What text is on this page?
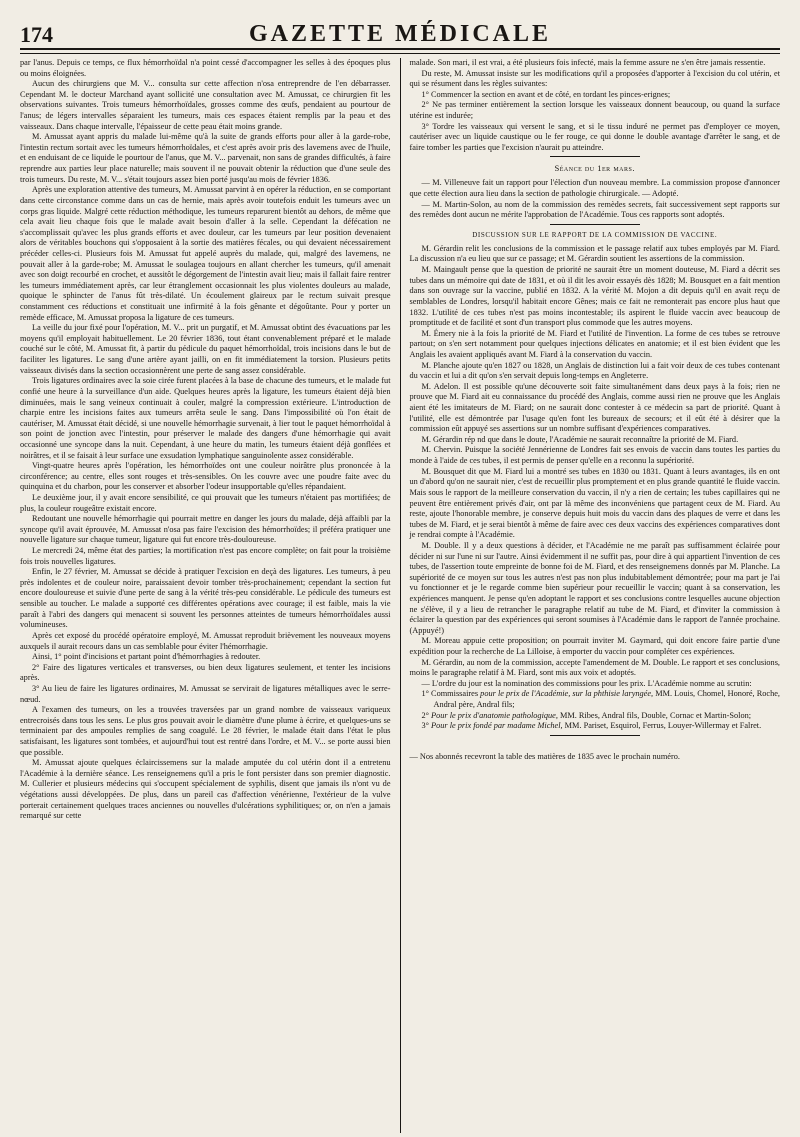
174	GAZETTE MÉDICALE

par l'anus. Depuis ce temps, ce flux hémorrhoïdal n'a point cessé d'accompagner les selles à des époques plus ou moins éloignées.

Aucun des chirurgiens que M. V... consulta sur cette affection n'osa entreprendre de l'en débarrasser. Cependant M. le docteur Marchand ayant sollicité une consultation avec M. Amussat, ce chirurgien fit les observations suivantes. Trois tumeurs hémorrhoïdales, grosses comme des œufs, pendaient au pourtour de l'anus; de légers intervalles séparaient les tumeurs, mais ces espaces étaient remplis par la peau et des vaisseaux. Dans chaque intervalle, l'épaisseur de cette peau était moins grande.

M. Amussat ayant appris du malade lui-même qu'à la suite de grands efforts pour aller à la garde-robe, l'intestin rectum sortait avec les tumeurs hémorrhoïdales, et c'est après avoir pris des lavemens avec de l'huile, et en enduisant de ce liquide le pourtour de l'anus, que M. V... parvenait, non sans de grandes difficultés, à faire reprendre aux parties leur place naturelle; mais souvent il ne pouvait obtenir la réduction que d'une seule des trois tumeurs. Du reste, M. V... s'était toujours assez bien porté jusqu'au mois de février 1836.

Après une exploration attentive des tumeurs, M. Amussat parvint à en opérer la réduction, en se comportant dans cette circonstance comme dans un cas de hernie, mais après avoir toutefois enduit les tumeurs avec un corps gras liquide. Malgré cette réduction méthodique, les tumeurs reparurent bientôt au dehors, de même que cela avait lieu chaque fois que le malade avait besoin d'aller à la selle. Cependant la défécation ne s'accomplissait qu'avec les plus grands efforts et avec douleur, car les tumeurs par leur position devenaient alors de véritables bouchons qui s'opposaient à la sortie des matières fécales, ou qui devaient nécessairement précéder celles-ci. Plusieurs fois M. Amussat fut appelé auprès du malade, qui, malgré des lavemens, ne pouvait aller à la garde-robe; M. Amussat le soulagea toujours en allant chercher les tumeurs, qu'il amenait avec son doigt recourbé en crochet, et aussitôt le dégorgement de l'intestin avait lieu; mais il fallait faire rentrer les tumeurs immédiatement après, car leur étranglement occasionnait les plus violentes douleurs au malade, quoique le sphincter de l'anus fût très-dilaté. Un écoulement glaireux par le rectum suivait presque constamment ces réductions et constituait une infirmité à la fois gênante et dégoûtante. Pour y porter un remède efficace, M. Amussat proposa la ligature de ces tumeurs.

La veille du jour fixé pour l'opération, M. V... prit un purgatif, et M. Amussat obtint des évacuations par les moyens qu'il employait habituellement. Le 20 février 1836, tout étant convenablement préparé et le malade couché sur le côté, M. Amussat fit, à partir du pédicule du paquet hémorrhoïdal, trois incisions dans le but de faciliter les ligatures. Le sang d'une artère ayant jailli, on en fit immédiatement la torsion. Plusieurs petits vaisseaux divisés dans la section occasionnèrent une perte de sang assez considérable.

Trois ligatures ordinaires avec la soie cirée furent placées à la base de chacune des tumeurs, et le malade fut confié une heure à la surveillance d'un aide. Quelques heures après la ligature, les tumeurs étaient déjà bien diminuées, mais le sang veineux continuait à couler, malgré la compression extérieure. L'introduction de charpie entre les incisions faites aux tumeurs arrêta seule le sang. Dans l'impossibilité où l'on était de cautériser, M. Amussat était décidé, si une nouvelle hémorrhagie survenait, à lier tout le paquet hémorrhoïdal à son point de jonction avec l'intestin, pour préserver le malade des dangers d'une hémorrhagie qui avait occasionné une syncope dans la nuit. Cependant, à une heure du matin, les tumeurs étaient déjà gonflées et noirâtres, et il se faisait à leur surface une exsudation lymphatique sanguinolente assez considérable.

Vingt-quatre heures après l'opération, les hémorrhoïdes ont une couleur noirâtre plus prononcée à la circonférence; au centre, elles sont rouges et très-sensibles. On les couvre avec une poudre faite avec du quinquina et du charbon, pour les conserver et absorber l'odeur insupportable qu'elles répandaient.

Le deuxième jour, il y avait encore sensibilité, ce qui prouvait que les tumeurs n'étaient pas mortifiées; de plus, la couleur rougeâtre existait encore.

Redoutant une nouvelle hémorrhagie qui pourrait mettre en danger les jours du malade, déjà affaibli par la syncope qu'il avait éprouvée, M. Amussat n'osa pas faire l'excision des hémorrhoïdes; il préféra pratiquer une nouvelle ligature sur chaque tumeur, ligature qui fut encore très-douloureuse.

Le mercredi 24, même état des parties; la mortification n'est pas encore complète; on fait pour la troisième fois trois nouvelles ligatures.

Enfin, le 27 février, M. Amussat se décide à pratiquer l'excision en deçà des ligatures. Les tumeurs, à peu près indolentes et de couleur noire, paraissaient devoir tomber très-prochainement; cependant la section fut encore douloureuse et suivie d'une perte de sang à la vérité très-peu considérable. Le pédicule des tumeurs est sensible au toucher. Le malade a supporté ces différentes opérations avec courage; il est faible, mais la vie paraît à l'abri des dangers qui menacent si souvent les personnes atteintes de tumeurs hémorrhoïdales aussi volumineuses.

Après cet exposé du procédé opératoire employé, M. Amussat reproduit brièvement les nouveaux moyens auxquels il aurait recours dans un cas semblable pour éviter l'hémorrhagie.

Ainsi, 1° point d'incisions et partant point d'hémorrhagies à redouter.

2° Faire des ligatures verticales et transverses, ou bien deux ligatures seulement, et tenter les incisions après.

3° Au lieu de faire les ligatures ordinaires, M. Amussat se servirait de ligatures métalliques avec le serre-nœud.

A l'examen des tumeurs, on les a trouvées traversées par un grand nombre de vaisseaux variqueux entrecroisés dans tous les sens. Le plus gros pouvait avoir le diamètre d'une plume à écrire, et quelques-uns se terminaient par des ampoules remplies de sang coagulé. Le 28 février, le malade était dans l'état le plus satisfaisant, les ligatures sont tombées, et aujourd'hui tout est rentré dans l'ordre, et M. V... se porte aussi bien que possible.

M. Amussat ajoute quelques éclaircissemens sur la malade amputée du col utérin dont il a entretenu l'Académie à la dernière séance. Les renseignemens qu'il a pris le font persister dans son premier diagnostic. M. Cullerier et plusieurs médecins qui s'occupent spécialement de syphilis, disent que jamais ils n'ont vu de végétations aussi développées. De plus, dans un pareil cas d'affection vénérienne, l'extérieur de la vulve porterait certainement quelques traces anciennes ou nouvelles d'ulcérations syphilitiques; or, on n'en a jamais remarqué sur cette

malade. Son mari, il est vrai, a été plusieurs fois infecté, mais la femme assure ne s'en être jamais ressentie.

Du reste, M. Amussat insiste sur les modifications qu'il a proposées d'apporter à l'excision du col utérin, et qui se résument dans les règles suivantes:

1° Commencer la section en avant et de côté, en tordant les pinces-erignes;

2° Ne pas terminer entièrement la section lorsque les vaisseaux donnent beaucoup, ou quand la surface utérine est indurée;

3° Tordre les vaisseaux qui versent le sang, et si le tissu induré ne permet pas d'employer ce moyen, cautériser avec un liquide caustique ou le fer rouge, ce qui donne le double avantage d'arrêter le sang, et de faire tomber les parties que l'excision n'aurait pu atteindre.

Séance du 1er mars.

— M. Villeneuve fait un rapport pour l'élection d'un nouveau membre. La commission propose d'annoncer que cette élection aura lieu dans la section de pathologie chirurgicale. — Adopté.

— M. Martin-Solon, au nom de la commission des remèdes secrets, fait successivement sept rapports sur des remèdes dont aucun ne mérite l'approbation de l'Académie. Tous ces rapports sont adoptés.

DISCUSSION SUR LE RAPPORT DE LA COMMISSION DE VACCINE.

M. Gérardin relit les conclusions de la commission et le passage relatif aux tubes employés par M. Fiard. La discussion n'a eu lieu que sur ce passage; et M. Gérardin soutient les assertions de la commission.

M. Maingault pense que la question de priorité ne saurait être un moment douteuse, M. Fiard a décrit ses tubes dans un mémoire qui date de 1831, et où il dit les avoir essayés dès 1828; M. Bousquet en a fait mention dans son ouvrage sur la vaccine, publié en 1832. A la vérité M. Mojon a dit depuis qu'il en avait reçu de semblables de Londres, lorsqu'il habitait encore Gênes; mais ce fait ne remonterait pas encore plus haut que 1832. L'utilité de ces tubes n'est pas moins incontestable; ils aspirent le fluide vaccin avec beaucoup de promptitude et de facilité et sont d'un transport plus commode que les autres moyens.

M. Émery nie à la fois la priorité de M. Fiard et l'utilité de l'invention. La forme de ces tubes se retrouve partout; on s'en sert notamment pour quelques injections délicates en anatomie; et il est bien évident que les Anglais les avaient appliqués avant M. Fiard à la conservation du vaccin.

M. Planche ajoute qu'en 1827 ou 1828, un Anglais de distinction lui a fait voir deux de ces tubes contenant du vaccin et lui a dit qu'on s'en servait depuis long-temps en Angleterre.

M. Adelon. Il est possible qu'une découverte soit faite simultanément dans deux pays à la fois; rien ne prouve que M. Fiard ait eu connaissance du procédé des Anglais, comme aussi rien ne prouve que les Anglais aient été les imitateurs de M. Fiard; on ne saurait donc contester à ce médecin sa part de priorité. Quant à l'utilité, elle est démontrée par l'usage qu'en font les bureaux de secours; et il eût été à désirer que la commission eût appuyé ses assertions sur un nombre suffisant d'expériences comparatives.

M. Gérardin rép nd que dans le doute, l'Académie ne saurait reconnaître la priorité de M. Fiard.

M. Chervin. Puisque la société Jennérienne de Londres fait ses envois de vaccin dans toutes les parties du monde à l'aide de ces tubes, il est permis de penser qu'elle en a reconnu la supériorité.

M. Bousquet dit que M. Fiard lui a montré ses tubes en 1830 ou 1831. Quant à leurs avantages, ils en ont un d'abord qu'on ne saurait nier, c'est de recueillir plus promptement et en plus grande quantité le fluide vaccin. Mais sous le rapport de la meilleure conservation du vaccin, il n'y a rien de certain; les tubes capillaires qui ne peuvent être entièrement privés d'air, ont par là même des inconvéniens que partagent ceux de M. Fiard. Au reste, ajoute l'honorable membre, je conserve depuis huit mois du vaccin dans des plaques de verre et dans les tubes de M. Fiard, et je serai bientôt à même de faire avec ces deux vaccins des expériences comparatives dont je rendrai compte à l'Académie.

M. Double. Il y a deux questions à décider, et l'Académie ne me paraît pas suffisamment éclairée pour décider ni sur l'une ni sur l'autre. Ainsi évidemment il ne suffit pas, pour dire à qui appartient l'invention de ces tubes, de l'assertion toute empreinte de bonne foi de M. Fiard, et des renseignemens donnés par M. Planche. La supériorité de ce moyen sur tous les autres n'est pas non plus indubitablement démontrée; pour ma part je l'ai vu fonctionner et je le regarde comme bien supérieur pour recueillir le vaccin; quant à sa conservation, les expériences manquent. Je pense qu'en adoptant le rapport et ses conclusions contre lesquelles aucune objection ne s'élève, il y a lieu de retrancher le paragraphe relatif au tube de M. Fiard, et d'inviter la commission à éclairer la question par des expériences qui seront soumises à l'Académie dans le rapport de l'année prochaine. (Appuyé!)

M. Moreau appuie cette proposition; on pourrait inviter M. Gaymard, qui doit encore faire partie d'une expédition pour la recherche de La Lilloise, à emporter du vaccin pour compléter ces expériences.

M. Gérardin, au nom de la commission, accepte l'amendement de M. Double. Le rapport et ses conclusions, moins le paragraphe relatif à M. Fiard, sont mis aux voix et adoptés.

— L'ordre du jour est la nomination des commissions pour les prix. L'Académie nomme au scrutin:

1° Commissaires pour le prix de l'Académie, sur la phthisie laryngée, MM. Louis, Chomel, Honoré, Roche, Andral père, Andral fils;

2° Pour le prix d'anatomie pathologique, MM. Ribes, Andral fils, Double, Cornac et Martin-Solon;

3° Pour le prix fondé par madame Michel, MM. Pariset, Esquirol, Ferrus, Louyer-Willermay et Falret.

— Nos abonnés recevront la table des matières de 1835 avec le prochain numéro.
